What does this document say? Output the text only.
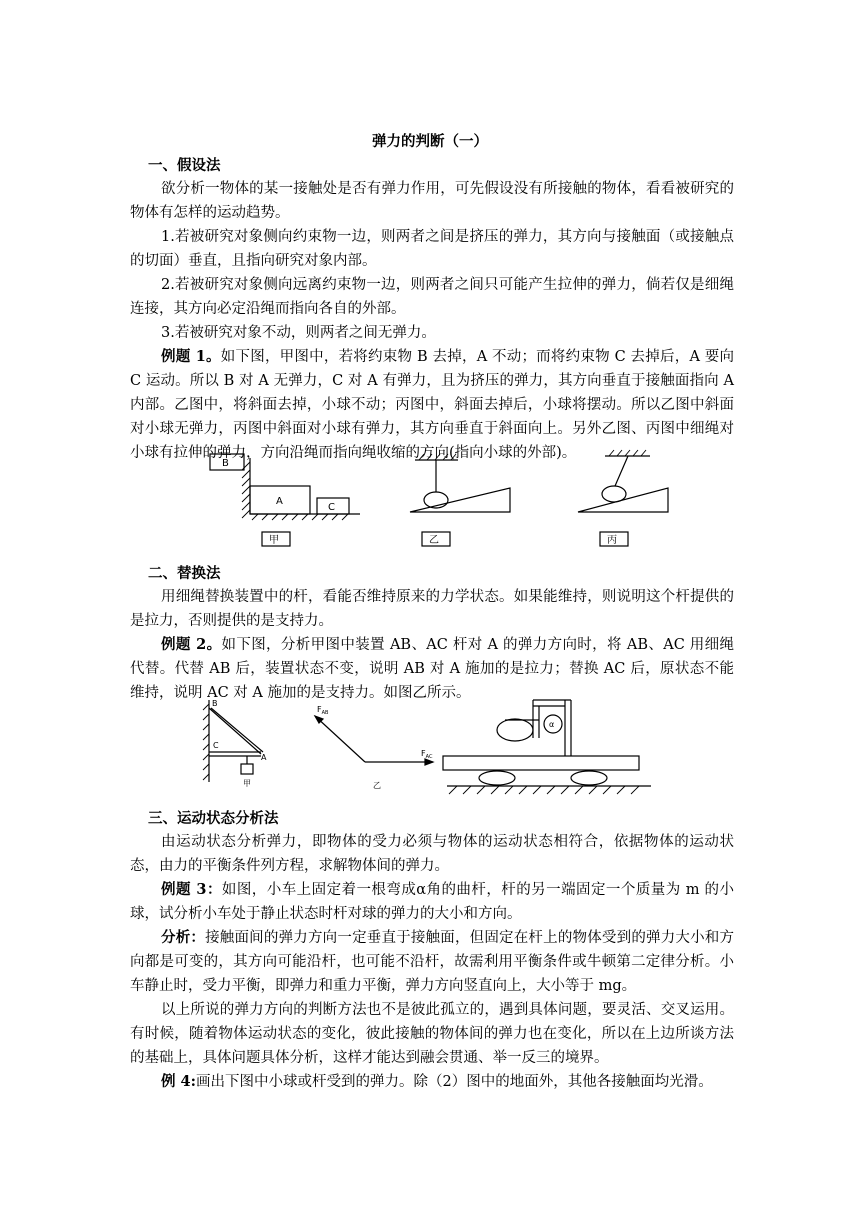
弹力的判断（一）
一、假设法

欲分析一物体的某一接触处是否有弹力作用，可先假设没有所接触的物体，看看被研究的物体有怎样的运动趋势。

1.若被研究对象侧向约束物一边，则两者之间是挤压的弹力，其方向与接触面（或接触点的切面）垂直，且指向研究对象内部。

2.若被研究对象侧向远离约束物一边，则两者之间只可能产生拉伸的弹力，倘若仅是细绳连接，其方向必定沿绳而指向各自的外部。

3.若被研究对象不动，则两者之间无弹力。

例题 1。如下图，甲图中，若将约束物 B 去掉，A 不动；而将约束物 C 去掉后，A 要向 C 运动。所以 B 对 A 无弹力，C 对 A 有弹力，且为挤压的弹力，其方向垂直于接触面指向 A 内部。乙图中，将斜面去掉，小球不动；丙图中，斜面去掉后，小球将摆动。所以乙图中斜面对小球无弹力，丙图中斜面对小球有弹力，其方向垂直于斜面向上。另外乙图、丙图中细绳对小球有拉伸的弹力，方向沿绳而指向绳收缩的方向(指向小球的外部)。

B
A
C
甲	乙	丙
二、替换法

用细绳替换装置中的杆，看能否维持原来的力学状态。如果能维持，则说明这个杆提供的是拉力，否则提供的是支持力。

例题 2。如下图，分析甲图中装置 AB、AC 杆对 A 的弹力方向时，将 AB、AC 用细绳代替。代替 AB 后，装置状态不变，说明 AB 对 A 施加的是拉力；替换 AC 后，原状态不能维持，说明 AC 对 A 施加的是支持力。如图乙所示。

B
C
A
甲	乙
$F_{AB}$
$F_{AC}$
α
三、运动状态分析法

由运动状态分析弹力，即物体的受力必须与物体的运动状态相符合，依据物体的运动状态，由力的平衡条件列方程，求解物体间的弹力。

例题 3：如图，小车上固定着一根弯成α角的曲杆，杆的另一端固定一个质量为 m 的小球，试分析小车处于静止状态时杆对球的弹力的大小和方向。

分析：接触面间的弹力方向一定垂直于接触面，但固定在杆上的物体受到的弹力大小和方向都是可变的，其方向可能沿杆，也可能不沿杆，故需利用平衡条件或牛顿第二定律分析。小车静止时，受力平衡，即弹力和重力平衡，弹力方向竖直向上，大小等于 mg。

以上所说的弹力方向的判断方法也不是彼此孤立的，遇到具体问题，要灵活、交叉运用。有时候，随着物体运动状态的变化，彼此接触的物体间的弹力也在变化，所以在上边所谈方法的基础上，具体问题具体分析，这样才能达到融会贯通、举一反三的境界。

例 4:画出下图中小球或杆受到的弹力。除（2）图中的地面外，其他各接触面均光滑。
